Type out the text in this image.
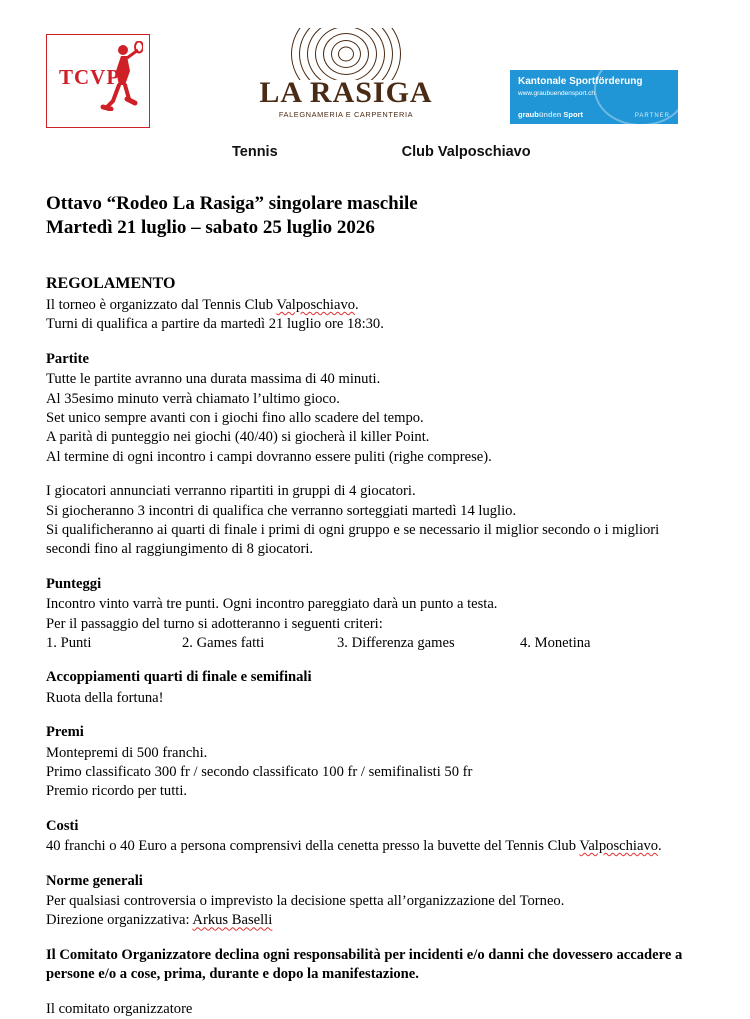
TCVP	LA RASIGA
FALEGNAMERIA E CARPENTERIA
Tennis	Club Valposchiavo
Kantonale Sportförderung
www.graubuendensport.ch
graubünden Sport	PARTNER
Ottavo “Rodeo La Rasiga” singolare maschile
Martedì 21 luglio – sabato 25 luglio 2026
REGOLAMENTO

Il torneo è organizzato dal Tennis Club Valposchiavo.

Turni di qualifica a partire da martedì 21 luglio ore 18:30.

Partite

Tutte le partite avranno una durata massima di 40 minuti.

Al 35esimo minuto verrà chiamato l’ultimo gioco.

Set unico sempre avanti con i giochi fino allo scadere del tempo.

A parità di punteggio nei giochi (40/40) si giocherà il killer Point.

Al termine di ogni incontro i campi dovranno essere puliti (righe comprese).

I giocatori annunciati verranno ripartiti in gruppi di 4 giocatori.

Si giocheranno 3 incontri di qualifica che verranno sorteggiati martedì 14 luglio.

Si qualificheranno ai quarti di finale i primi di ogni gruppo e se necessario il miglior secondo o i migliori

secondi fino al raggiungimento di 8 giocatori.

Punteggi

Incontro vinto varrà tre punti. Ogni incontro pareggiato darà un punto a testa.

Per il passaggio del turno si adotteranno i seguenti criteri:

1. Punti	2. Games fatti	3. Differenza games	4. Monetina

Accoppiamenti quarti di finale e semifinali

Ruota della fortuna!

Premi

Montepremi di 500 franchi.

Primo classificato 300 fr / secondo classificato 100 fr / semifinalisti 50 fr

Premio ricordo per tutti.

Costi

40 franchi o 40 Euro a persona comprensivi della cenetta presso la buvette del Tennis Club Valposchiavo.

Norme generali

Per qualsiasi controversia o imprevisto la decisione spetta all’organizzazione del Torneo.

Direzione organizzativa: Arkus Baselli

Il Comitato Organizzatore declina ogni responsabilità per incidenti e/o danni che dovessero accadere a
persone e/o a cose, prima, durante e dopo la manifestazione.

Il comitato organizzatore
